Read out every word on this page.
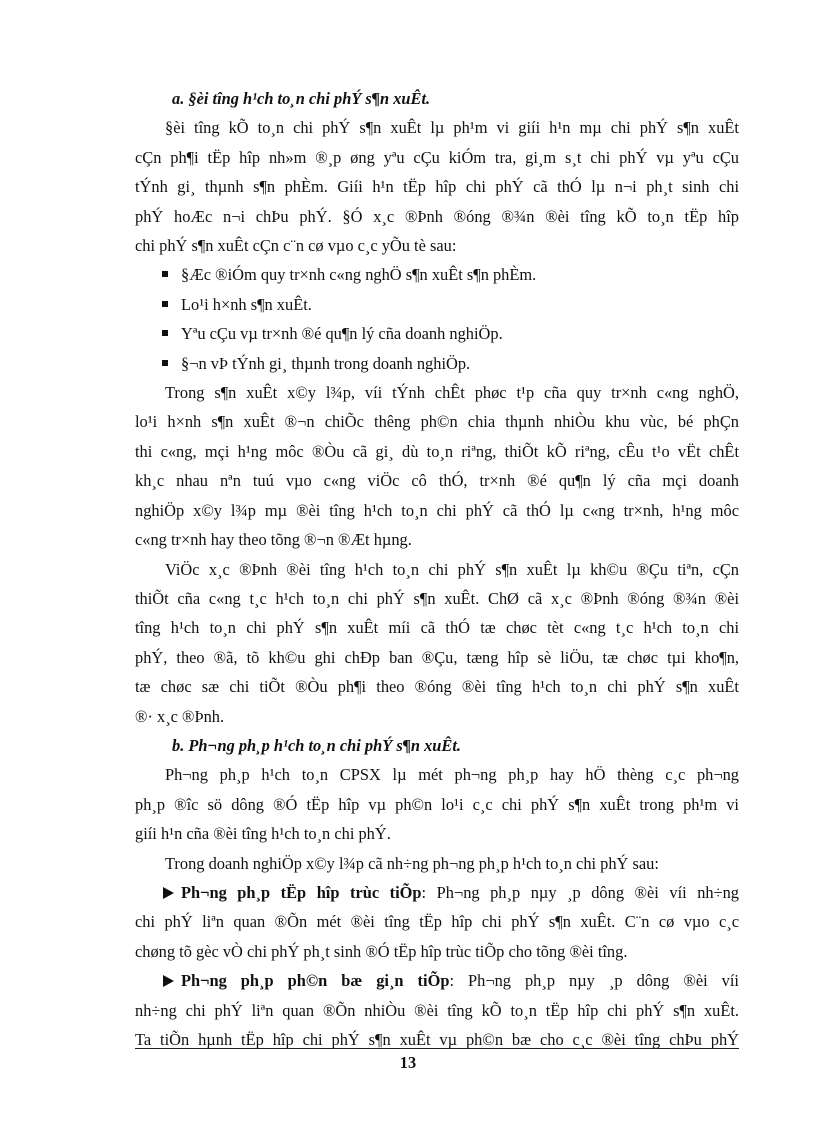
a. §èi tîng h¹ch to¸n chi phÝ s¶n xuÊt.
§èi tîng kÕ to¸n chi phÝ s¶n xuÊt lµ ph¹m vi giíi h¹n mµ chi phÝ s¶n xuÊt
cÇn ph¶i tËp hîp nh»m ®¸p øng yªu cÇu kiÓm tra, gi¸m s¸t chi phÝ vµ yªu cÇu
tÝnh gi¸ thµnh s¶n phÈm. Giíi h¹n tËp hîp chi phÝ cã thÓ lµ n¬i ph¸t sinh chi
phÝ hoÆc n¬i chÞu phÝ. §Ó x¸c ®Þnh ®óng ®¾n ®èi tîng kÕ to¸n tËp hîp
chi phÝ s¶n xuÊt cÇn c¨n cø vµo c¸c yÕu tè sau:
§Æc ®iÓm quy tr×nh c«ng nghÖ s¶n xuÊt s¶n phÈm.
Lo¹i h×nh s¶n xuÊt.
Yªu cÇu vµ tr×nh ®é qu¶n lý cña doanh nghiÖp.
§¬n vÞ tÝnh gi¸ thµnh trong doanh nghiÖp.
Trong s¶n xuÊt x©y l¾p, víi tÝnh chÊt phøc t¹p cña quy tr×nh c«ng nghÖ,
lo¹i h×nh s¶n xuÊt ®¬n chiÕc thêng ph©n chia thµnh nhiÒu khu vùc, bé phÇn
thi c«ng, mçi h¹ng môc ®Òu cã gi¸ dù to¸n riªng, thiÕt kÕ riªng, cÊu t¹o vËt chÊt
kh¸c nhau nªn tuú vµo c«ng viÖc cô thÓ, tr×nh ®é qu¶n lý cña mçi doanh
nghiÖp x©y l¾p mµ ®èi tîng h¹ch to¸n chi phÝ cã thÓ lµ c«ng tr×nh, h¹ng môc
c«ng tr×nh hay theo tõng ®¬n ®Æt hµng.
ViÖc x¸c ®Þnh ®èi tîng h¹ch to¸n chi phÝ s¶n xuÊt lµ kh©u ®Çu tiªn, cÇn
thiÕt cña c«ng t¸c h¹ch to¸n chi phÝ s¶n xuÊt. ChØ cã x¸c ®Þnh ®óng ®¾n ®èi
tîng h¹ch to¸n chi phÝ s¶n xuÊt míi cã thÓ tæ chøc tèt c«ng t¸c h¹ch to¸n chi
phÝ, theo ®ã, tõ kh©u ghi chÐp ban ®Çu, tæng hîp sè liÖu, tæ chøc tµi kho¶n,
tæ chøc sæ chi tiÕt ®Òu ph¶i theo ®óng ®èi tîng h¹ch to¸n chi phÝ s¶n xuÊt
®· x¸c ®Þnh.
b. Ph¬ng ph¸p h¹ch to¸n chi phÝ s¶n xuÊt.
Ph¬ng ph¸p h¹ch to¸n CPSX lµ mét ph¬ng ph¸p hay hÖ thèng c¸c ph¬ng
ph¸p ®îc sö dông ®Ó tËp hîp vµ ph©n lo¹i c¸c chi phÝ s¶n xuÊt trong ph¹m vi
giíi h¹n cña ®èi tîng h¹ch to¸n chi phÝ.
Trong doanh nghiÖp x©y l¾p cã nh÷ng ph¬ng ph¸p h¹ch to¸n chi phÝ sau:
Ph¬ng ph¸p tËp hîp trùc tiÕp: Ph¬ng ph¸p nµy ¸p dông ®èi víi nh÷ng
chi phÝ liªn quan ®Õn mét ®èi tîng tËp hîp chi phÝ s¶n xuÊt. C¨n cø vµo c¸c
chøng tõ gèc vÒ chi phÝ ph¸t sinh ®Ó tËp hîp trùc tiÕp cho tõng ®èi tîng.
Ph¬ng ph¸p ph©n bæ gi¸n tiÕp: Ph¬ng ph¸p nµy ¸p dông ®èi víi
nh÷ng chi phÝ liªn quan ®Õn nhiÒu ®èi tîng kÕ to¸n tËp hîp chi phÝ s¶n xuÊt.
Ta tiÕn hµnh tËp hîp chi phÝ s¶n xuÊt vµ ph©n bæ cho c¸c ®èi tîng chÞu phÝ
13
